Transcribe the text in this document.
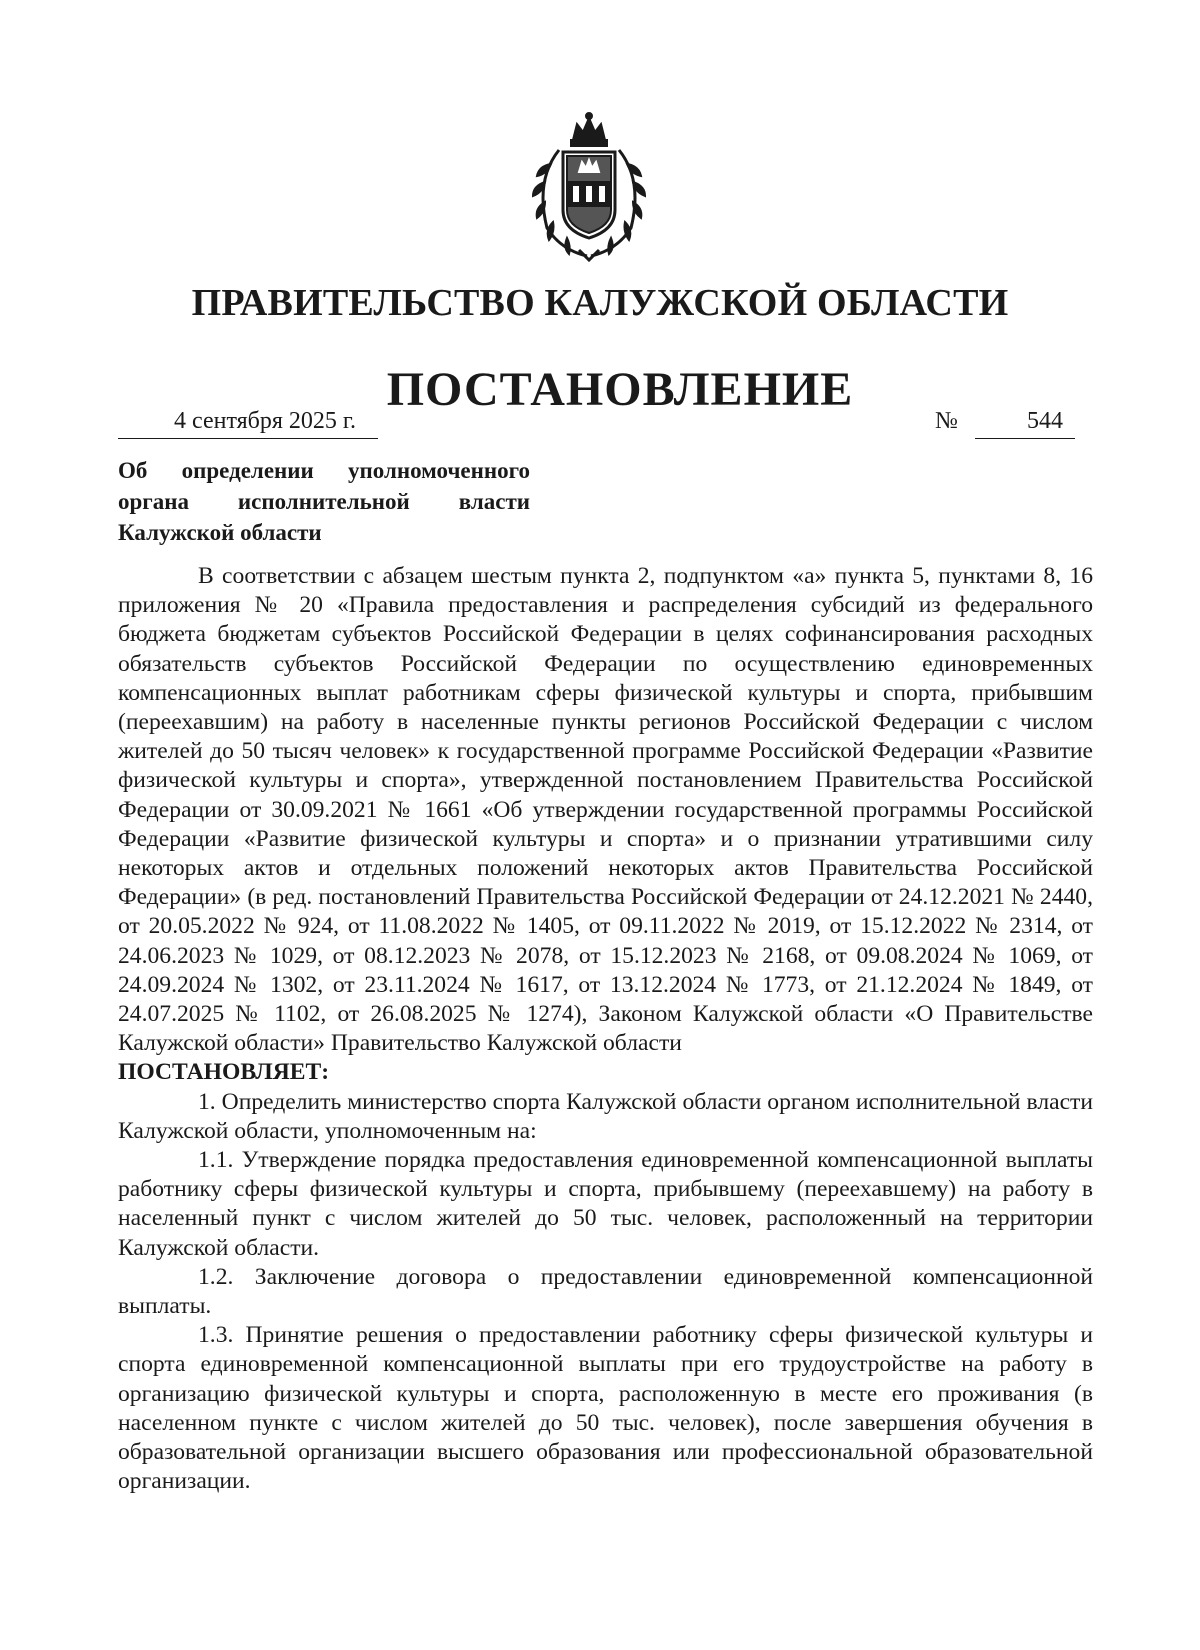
ПРАВИТЕЛЬСТВО КАЛУЖСКОЙ ОБЛАСТИ
ПОСТАНОВЛЕНИЕ
4 сентября 2025 г.	№	544
Об определении уполномоченного органа исполнительной власти Калужской области

В соответствии с абзацем шестым пункта 2, подпунктом «а» пункта 5, пунктами 8, 16 приложения № 20 «Правила предоставления и распределения субсидий из федерального бюджета бюджетам субъектов Российской Федерации в целях софинансирования расходных обязательств субъектов Российской Федерации по осуществлению единовременных компенсационных выплат работникам сферы физической культуры и спорта, прибывшим (переехавшим) на работу в населенные пункты регионов Российской Федерации с числом жителей до 50 тысяч человек» к государственной программе Российской Федерации «Развитие физической культуры и спорта», утвержденной постановлением Правительства Российской Федерации от 30.09.2021 № 1661 «Об утверждении государственной программы Российской Федерации «Развитие физической культуры и спорта» и о признании утратившими силу некоторых актов и отдельных положений некоторых актов Правительства Российской Федерации» (в ред. постановлений Правительства Российской Федерации от 24.12.2021 № 2440, от 20.05.2022 № 924, от 11.08.2022 № 1405, от 09.11.2022 № 2019, от 15.12.2022 № 2314, от 24.06.2023 № 1029, от 08.12.2023 № 2078, от 15.12.2023 № 2168, от 09.08.2024 № 1069, от 24.09.2024 № 1302, от 23.11.2024 № 1617, от 13.12.2024 № 1773, от 21.12.2024 № 1849, от 24.07.2025 № 1102, от 26.08.2025 № 1274), Законом Калужской области «О Правительстве Калужской области» Правительство Калужской области

ПОСТАНОВЛЯЕТ:

1. Определить министерство спорта Калужской области органом исполнительной власти Калужской области, уполномоченным на:

1.1. Утверждение порядка предоставления единовременной компенсационной выплаты работнику сферы физической культуры и спорта, прибывшему (переехавшему) на работу в населенный пункт с числом жителей до 50 тыс. человек, расположенный на территории Калужской области.

1.2. Заключение договора о предоставлении единовременной компенсационной выплаты.

1.3. Принятие решения о предоставлении работнику сферы физической культуры и спорта единовременной компенсационной выплаты при его трудоустройстве на работу в организацию физической культуры и спорта, расположенную в месте его проживания (в населенном пункте с числом жителей до 50 тыс. человек), после завершения обучения в образовательной организации высшего образования или профессиональной образовательной организации.
